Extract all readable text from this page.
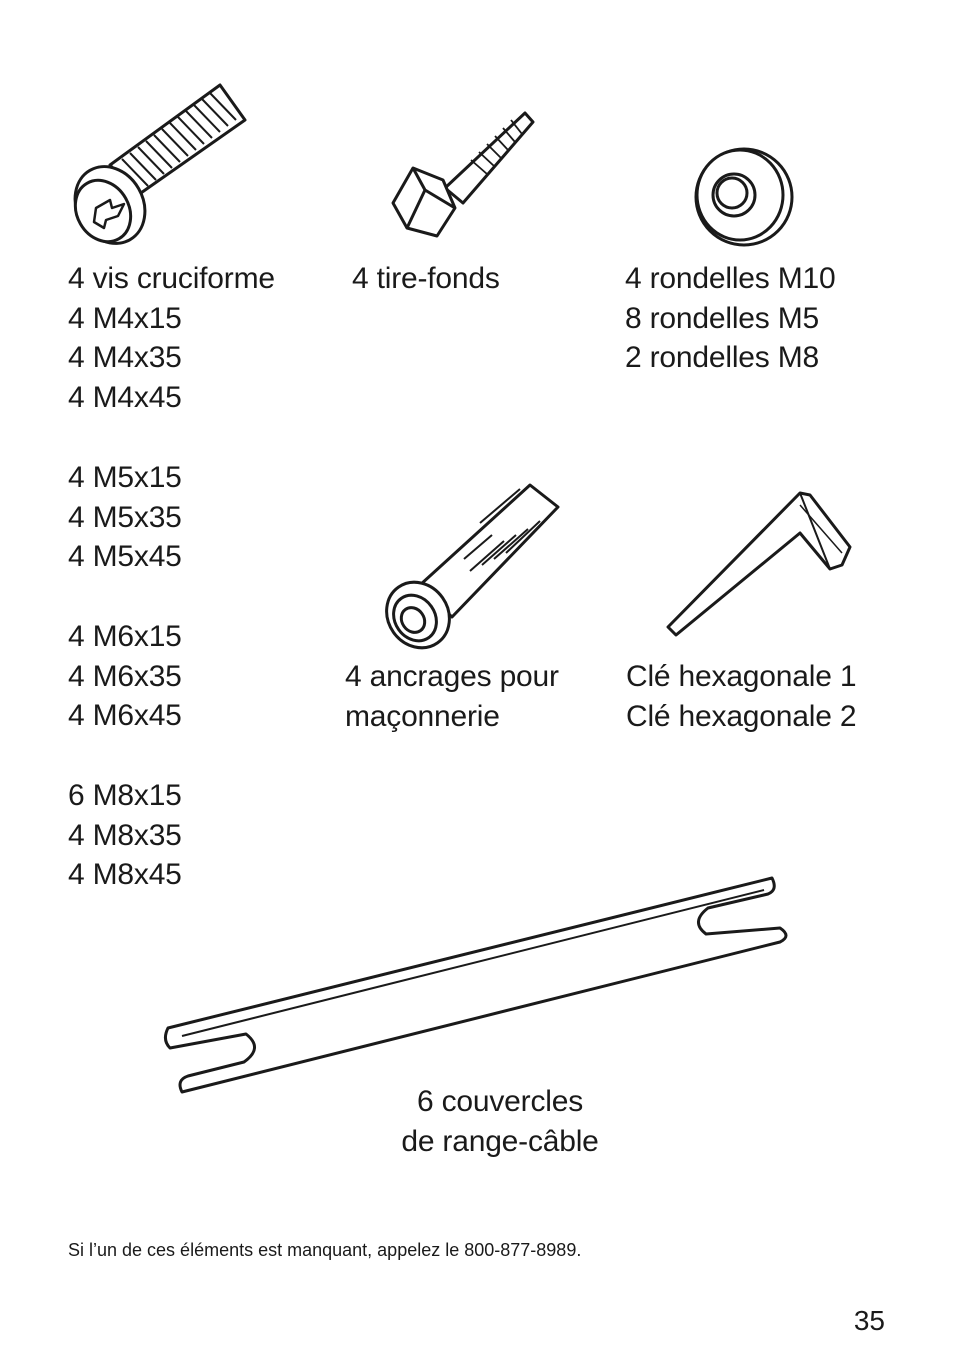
4 vis cruciforme
4 M4x15
4 M4x35
4 M4x45
4 M5x15
4 M5x35
4 M5x45
4 M6x15
4 M6x35
4 M6x45
6 M8x15
4 M8x35
4 M8x45
4 tire-fonds	4 rondelles M10
8 rondelles M5
2 rondelles M8
4 ancrages pour
maçonnerie
Clé hexagonale 1
Clé hexagonale 2
6 couvercles
de range-câble
Si l’un de ces éléments est manquant, appelez le 800-877-8989.
35
